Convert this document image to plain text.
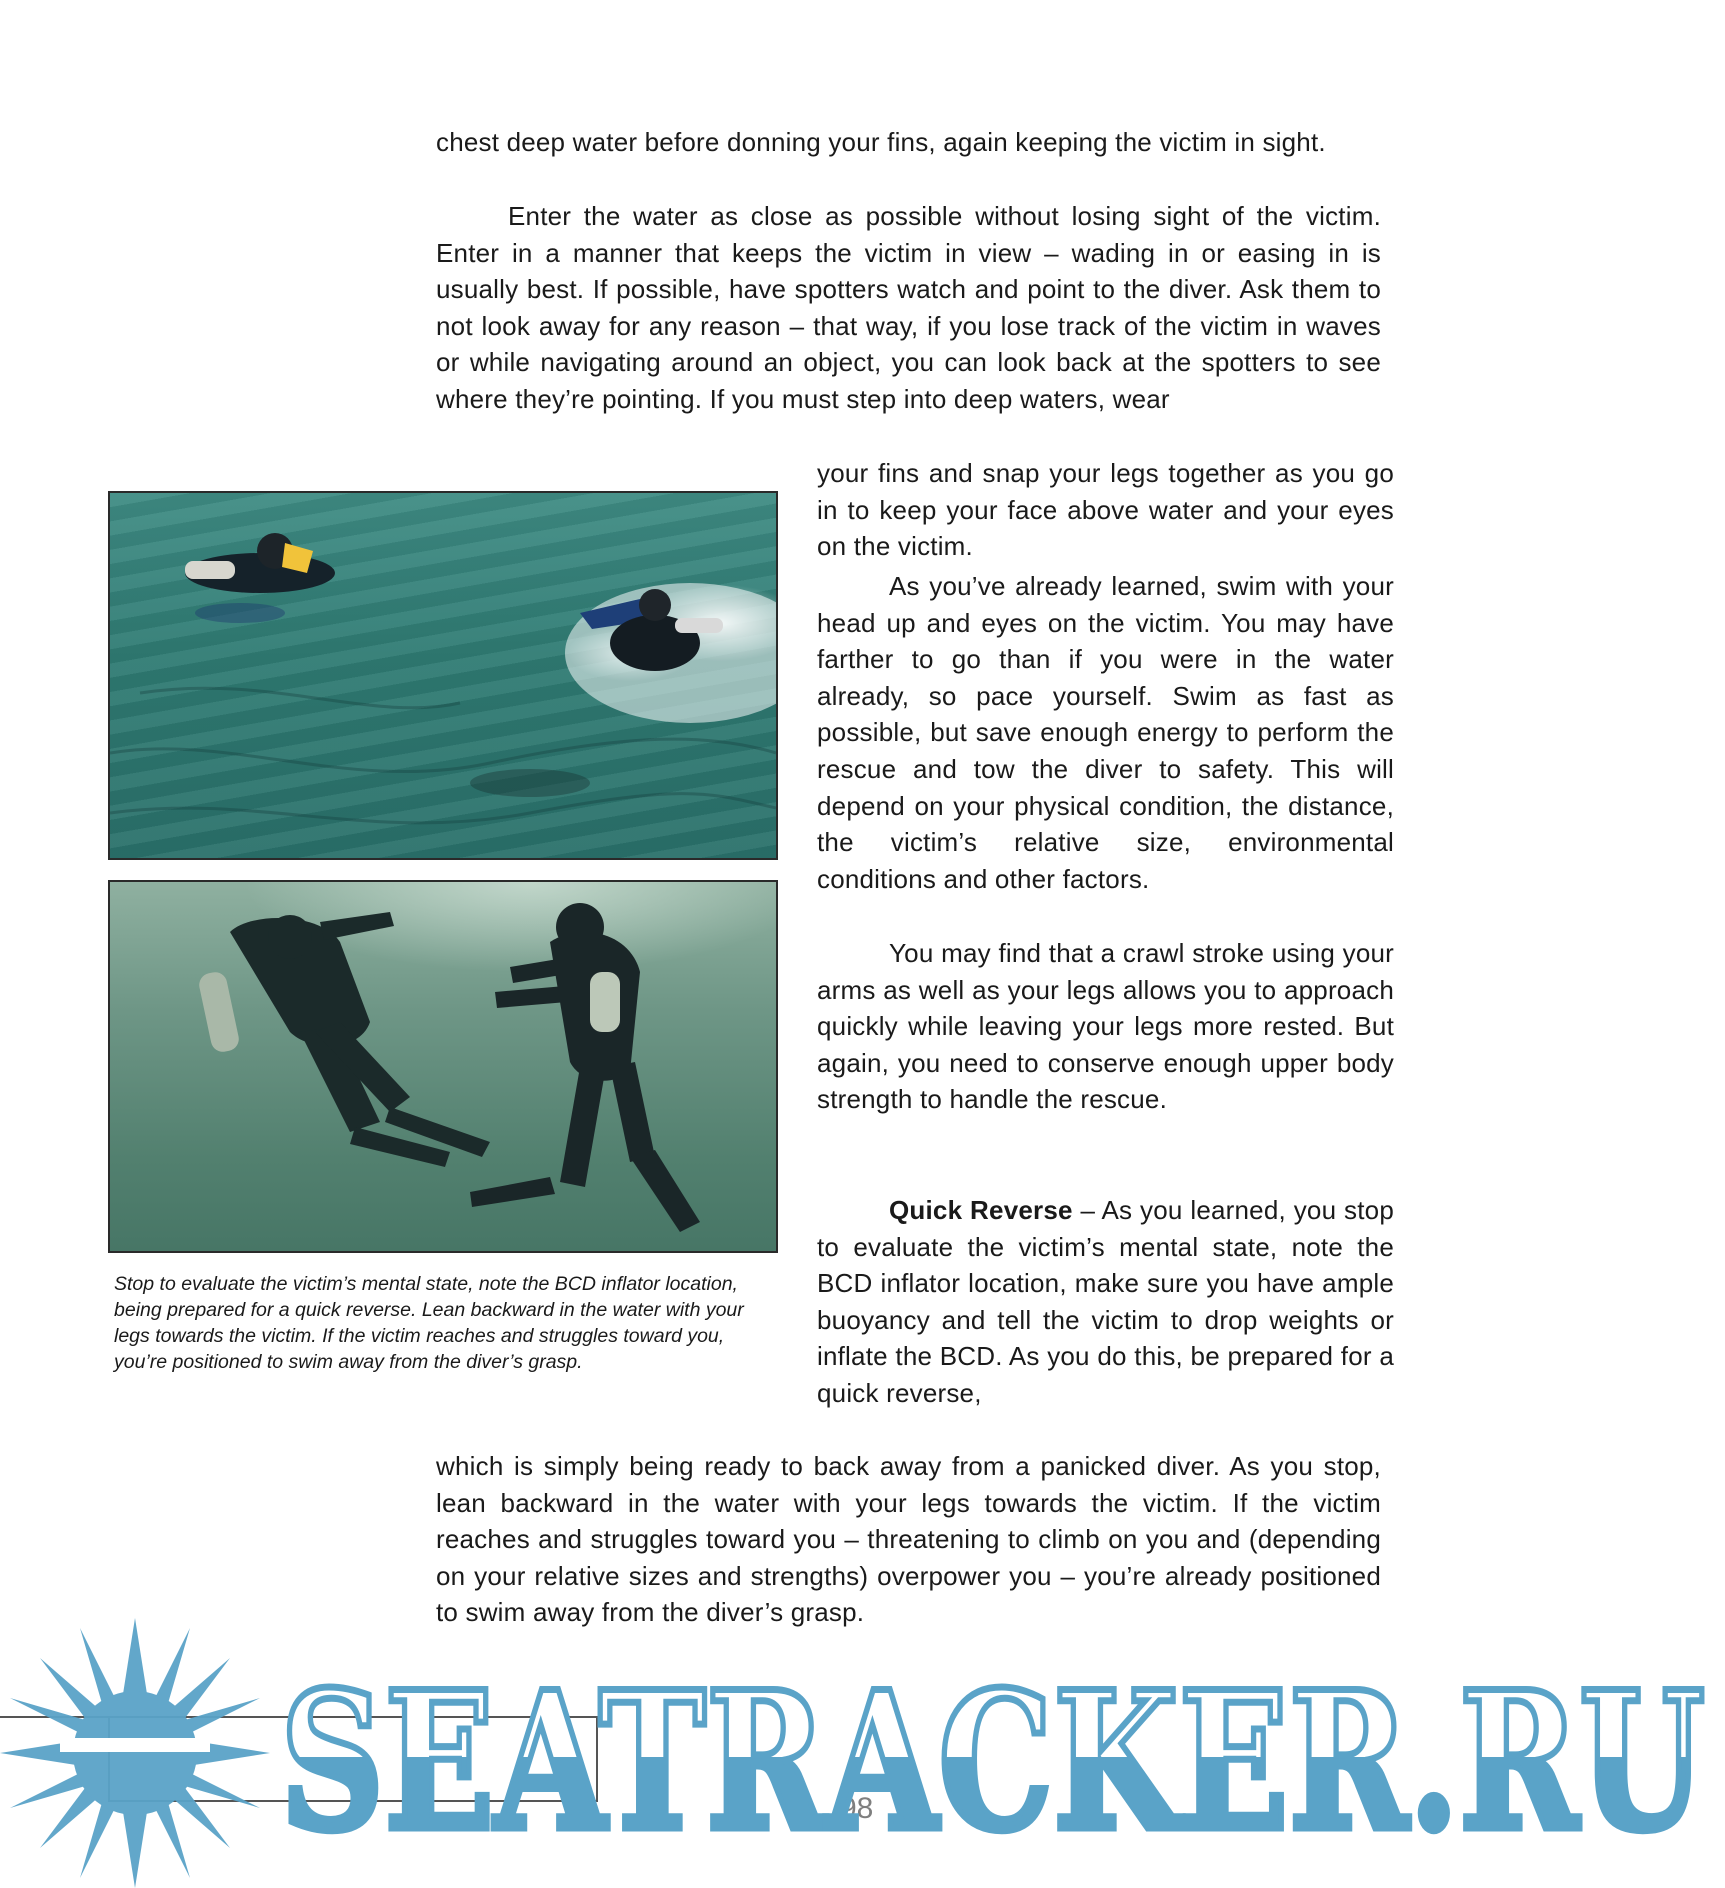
chest deep water before donning your fins, again keeping the victim in sight.

Enter the water as close as possible without losing sight of the victim. Enter in a manner that keeps the victim in view – wading in or easing in is usually best. If possible, have spotters watch and point to the diver. Ask them to not look away for any reason – that way, if you lose track of the victim in waves or while navigating around an object, you can look back at the spotters to see where they’re pointing. If you must step into deep waters, wear

your fins and snap your legs together as you go in to keep your face above water and your eyes on the victim.

As you’ve already learned, swim with your head up and eyes on the victim. You may have farther to go than if you were in the water already, so pace yourself. Swim as fast as possible, but save enough energy to perform the rescue and tow the diver to safety. This will depend on your physical condition, the distance, the victim’s relative size, environmental conditions and other factors.

You may find that a crawl stroke using your arms as well as your legs allows you to approach quickly while leaving your legs more rested. But again, you need to conserve enough upper body strength to handle the rescue.

Quick Reverse – As you learned, you stop to evaluate the victim’s mental state, note the BCD inflator location, make sure you have ample buoyancy and tell the victim to drop weights or inflate the BCD. As you do this, be prepared for a quick reverse,

which is simply being ready to back away from a panicked diver. As you stop, lean backward in the water with your legs towards the victim. If the victim reaches and struggles toward you – threatening to climb on you and (depending on your relative sizes and strengths) overpower you – you’re already positioned to swim away from the diver’s grasp.

Stop to evaluate the victim’s mental state, note the BCD inflator location, being prepared for a quick reverse. Lean backward in the water with your legs towards the victim. If the victim reaches and struggles toward you, you’re positioned to swim away from the diver’s grasp.

98
SEATRACKER.RU
